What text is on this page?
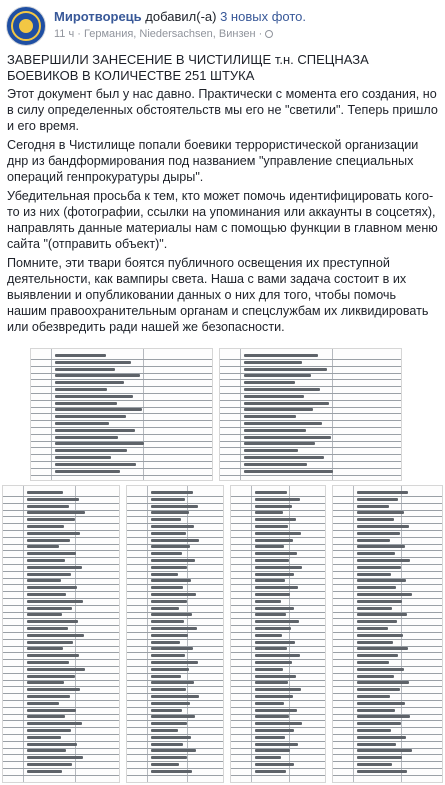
Миротворець добавил(-а) 3 новых фото.
11 ч · Германия, Niedersachsen, Винзен ·

ЗАВЕРШИЛИ ЗАНЕСЕНИЕ В ЧИСТИЛИЩЕ т.н. СПЕЦНАЗА БОЕВИКОВ В КОЛИЧЕСТВЕ 251 ШТУКА

Этот документ был у нас давно. Практически с момента его создания, но в силу определенных обстоятельств мы его не "светили". Теперь пришло и его время.

Сегодня в Чистилище попали боевики террористической организации днр из бандформирования под названием "управление специальных операций генпрокуратуры дыры".

Убедительная просьба к тем, кто может помочь идентифицировать кого-то из них (фотографии, ссылки на упоминания или аккаунты в соцсетях), направлять данные материалы нам с помощью функции в главном меню сайта "(отправить объект)".

Помните, эти твари боятся публичного освещения их преступной деятельности, как вампиры света. Наша с вами задача состоит в их выявлении и опубликовании данных о них для того, чтобы помочь нашим правоохранительным органам и спецслужбам их ликвидировать или обезвредить ради нашей же безопасности.
